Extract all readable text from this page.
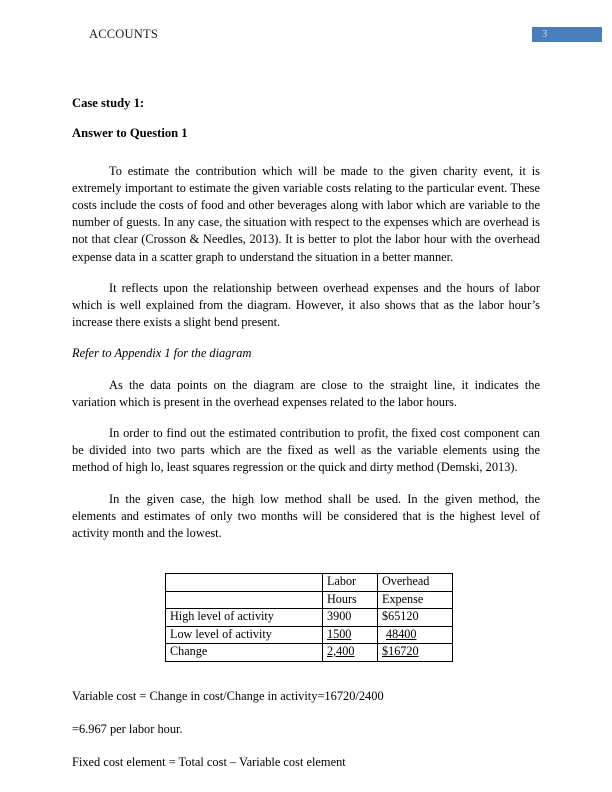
ACCOUNTS	3
Case study 1:
Answer to Question 1

To estimate the contribution which will be made to the given charity event, it is extremely important to estimate the given variable costs relating to the particular event. These costs include the costs of food and other beverages along with labor which are variable to the number of guests. In any case, the situation with respect to the expenses which are overhead is not that clear (Crosson & Needles, 2013). It is better to plot the labor hour with the overhead expense data in a scatter graph to understand the situation in a better manner.

It reflects upon the relationship between overhead expenses and the hours of labor which is well explained from the diagram. However, it also shows that as the labor hour’s increase there exists a slight bend present.

Refer to Appendix 1 for the diagram

As the data points on the diagram are close to the straight line, it indicates the variation which is present in the overhead expenses related to the labor hours.

In order to find out the estimated contribution to profit, the fixed cost component can be divided into two parts which are the fixed as well as the variable elements using the method of high lo, least squares regression or the quick and dirty method (Demski, 2013).

In the given case, the high low method shall be used. In the given method, the elements and estimates of only two months will be considered that is the highest level of activity month and the lowest.

	Labor	Overhead
	Hours	Expense
High level of activity	3900	$65120
Low level of activity	1500	48400
Change	2,400	$16720

Variable cost = Change in cost/Change in activity=16720/2400

=6.967 per labor hour.

Fixed cost element = Total cost – Variable cost element
